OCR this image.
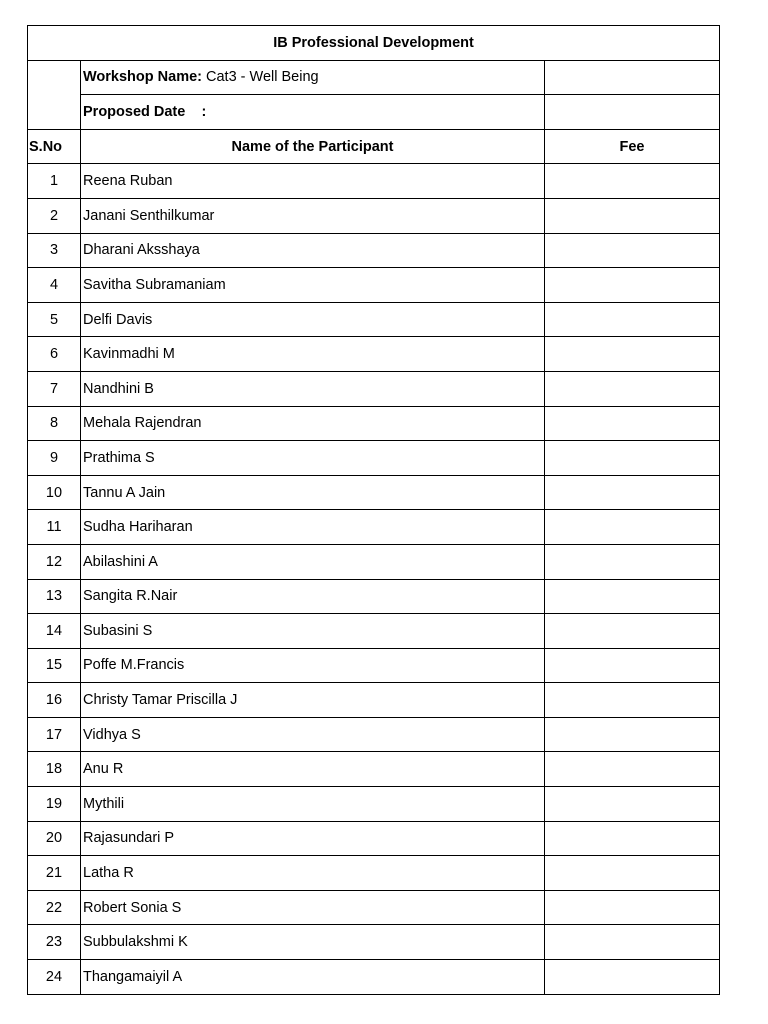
IB Professional Development		
	Workshop Name: Cat3 - Well Being	
	Proposed Date    :	
S.No	Name of the Participant	Fee
1	Reena Ruban	
2	Janani Senthilkumar	
3	Dharani Aksshaya	
4	Savitha Subramaniam	
5	Delfi Davis	
6	Kavinmadhi M	
7	Nandhini B	
8	Mehala Rajendran	
9	Prathima S	
10	Tannu A Jain	
11	Sudha Hariharan	
12	Abilashini A	
13	Sangita R.Nair	
14	Subasini S	
15	Poffe M.Francis	
16	Christy Tamar Priscilla J	
17	Vidhya S	
18	Anu R	
19	Mythili	
20	Rajasundari P	
21	Latha R	
22	Robert Sonia S	
23	Subbulakshmi K	
24	Thangamaiyil A	
